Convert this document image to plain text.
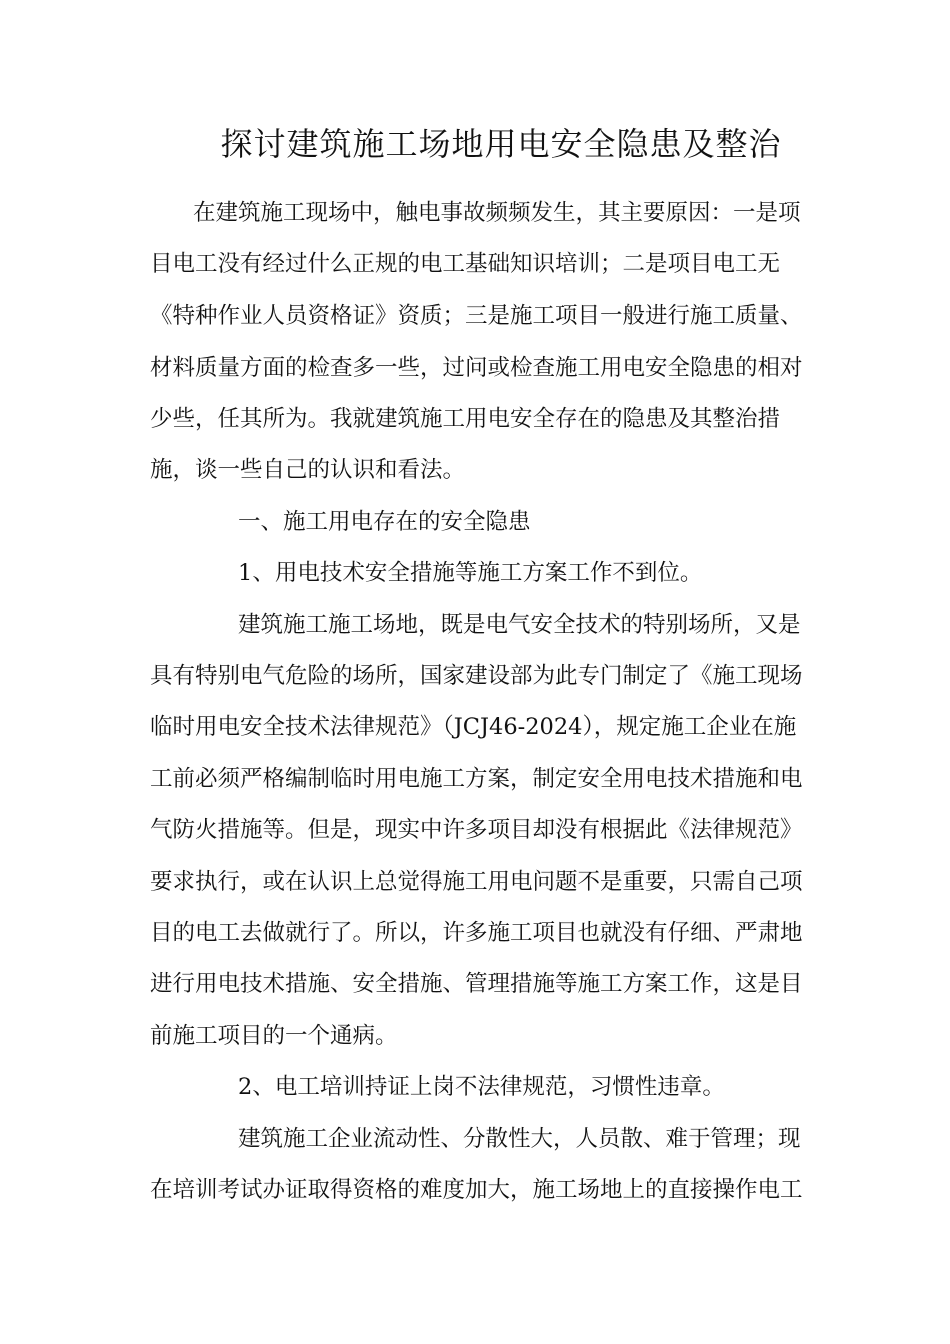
探讨建筑施工场地用电安全隐患及整治
在建筑施工现场中，触电事故频频发生，其主要原因：一是项
目电工没有经过什么正规的电工基础知识培训；二是项目电工无
《特种作业人员资格证》资质；三是施工项目一般进行施工质量、
材料质量方面的检查多一些，过问或检查施工用电安全隐患的相对
少些，任其所为。我就建筑施工用电安全存在的隐患及其整治措
施，谈一些自己的认识和看法。
一、施工用电存在的安全隐患
1、用电技术安全措施等施工方案工作不到位。
建筑施工施工场地，既是电气安全技术的特别场所，又是
具有特别电气危险的场所，国家建设部为此专门制定了《施工现场
临时用电安全技术法律规范》（JCJ46-2024），规定施工企业在施
工前必须严格编制临时用电施工方案，制定安全用电技术措施和电
气防火措施等。但是，现实中许多项目却没有根据此《法律规范》
要求执行，或在认识上总觉得施工用电问题不是重要，只需自己项
目的电工去做就行了。所以，许多施工项目也就没有仔细、严肃地
进行用电技术措施、安全措施、管理措施等施工方案工作，这是目
前施工项目的一个通病。
2、电工培训持证上岗不法律规范，习惯性违章。
建筑施工企业流动性、分散性大，人员散、难于管理；现
在培训考试办证取得资格的难度加大，施工场地上的直接操作电工
